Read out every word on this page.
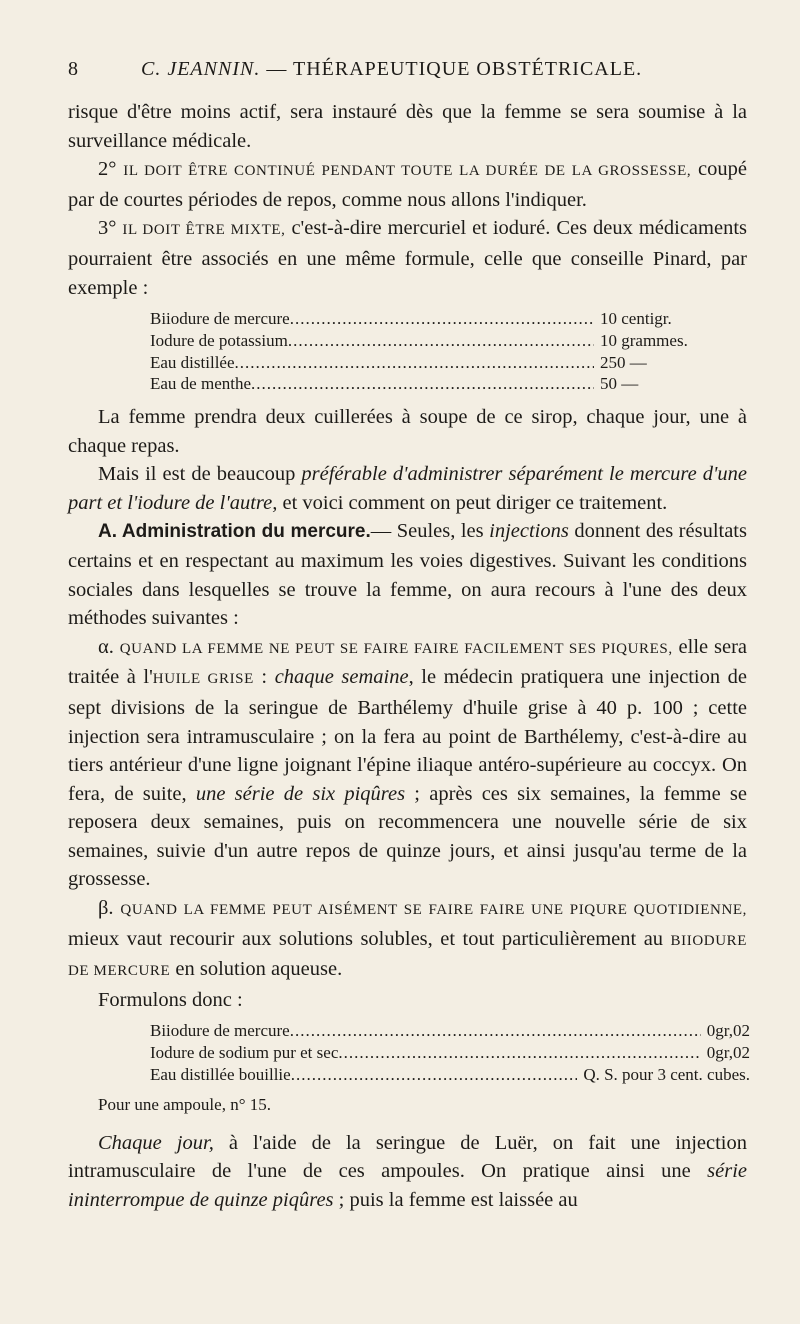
8	C. JEANNIN. — THÉRAPEUTIQUE OBSTÉTRICALE.

risque d'être moins actif, sera instauré dès que la femme se sera soumise à la surveillance médicale.

2° IL DOIT ÊTRE CONTINUÉ PENDANT TOUTE LA DURÉE DE LA GROSSESSE, coupé par de courtes périodes de repos, comme nous allons l'indiquer.

3° IL DOIT ÊTRE MIXTE, c'est-à-dire mercuriel et ioduré. Ces deux médicaments pourraient être associés en une même formule, celle que conseille Pinard, par exemple :

Biiodure de mercure .....	10 centigr.
Iodure de potassium .....	10 grammes.
Eau distillée .....	250 —
Eau de menthe .....	50 —

La femme prendra deux cuillerées à soupe de ce sirop, chaque jour, une à chaque repas.

Mais il est de beaucoup préférable d'administrer séparément le mercure d'une part et l'iodure de l'autre, et voici comment on peut diriger ce traitement.

A. Administration du mercure.— Seules, les injections donnent des résultats certains et en respectant au maximum les voies digestives. Suivant les conditions sociales dans lesquelles se trouve la femme, on aura recours à l'une des deux méthodes suivantes :

α. QUAND LA FEMME NE PEUT SE FAIRE FAIRE FACILEMENT SES PIQURES, elle sera traitée à l'HUILE GRISE : chaque semaine, le médecin pratiquera une injection de sept divisions de la seringue de Barthélemy d'huile grise à 40 p. 100 ; cette injection sera intramusculaire ; on la fera au point de Barthélemy, c'est-à-dire au tiers antérieur d'une ligne joignant l'épine iliaque antéro-supérieure au coccyx. On fera, de suite, une série de six piqûres ; après ces six semaines, la femme se reposera deux semaines, puis on recommencera une nouvelle série de six semaines, suivie d'un autre repos de quinze jours, et ainsi jusqu'au terme de la grossesse.

β. QUAND LA FEMME PEUT AISÉMENT SE FAIRE FAIRE UNE PIQURE QUOTIDIENNE, mieux vaut recourir aux solutions solubles, et tout particulièrement au BIIODURE DE MERCURE en solution aqueuse.

Formulons donc :

Biiodure de mercure .....	0gr,02
Iodure de sodium pur et sec .....	0gr,02
Eau distillée bouillie .....	Q. S. pour 3 cent. cubes.

Pour une ampoule, n° 15.

Chaque jour, à l'aide de la seringue de Luër, on fait une injection intramusculaire de l'une de ces ampoules. On pratique ainsi une série ininterrompue de quinze piqûres ; puis la femme est laissée au
